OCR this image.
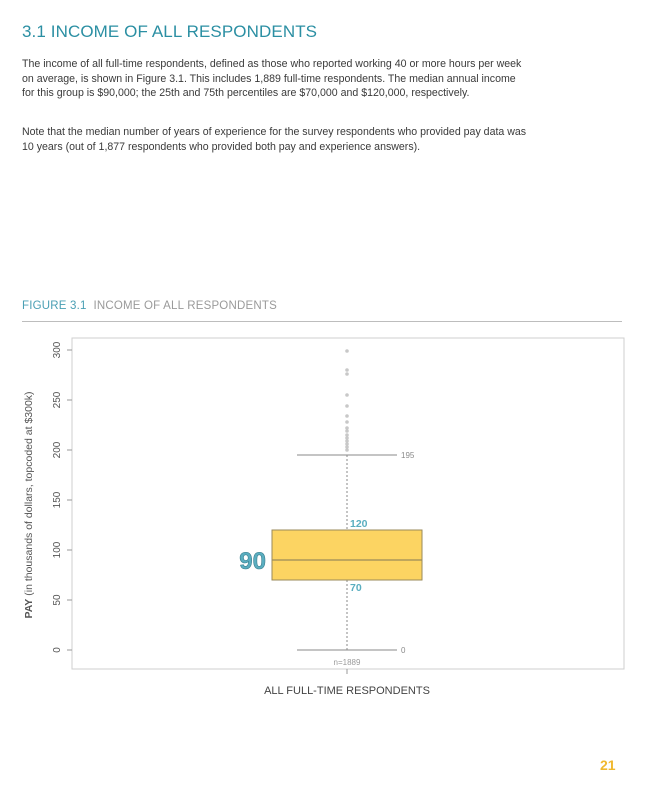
3.1 INCOME OF ALL RESPONDENTS

The income of all full-time respondents, defined as those who reported working 40 or more hours per week on average, is shown in Figure 3.1. This includes 1,889 full-time respondents. The median annual income for this group is $90,000; the 25th and 75th percentiles are $70,000 and $120,000, respectively.

Note that the median number of years of experience for the survey respondents who provided pay data was 10 years (out of 1,877 respondents who provided both pay and experience answers).

FIGURE 3.1 INCOME OF ALL RESPONDENTS

0
50
100
150
200
250
300
PAY (in thousands of dollars, topcoded at $300k)
ALL FULL-TIME RESPONDENTS
90
120
70
195
0
n=1889
21
